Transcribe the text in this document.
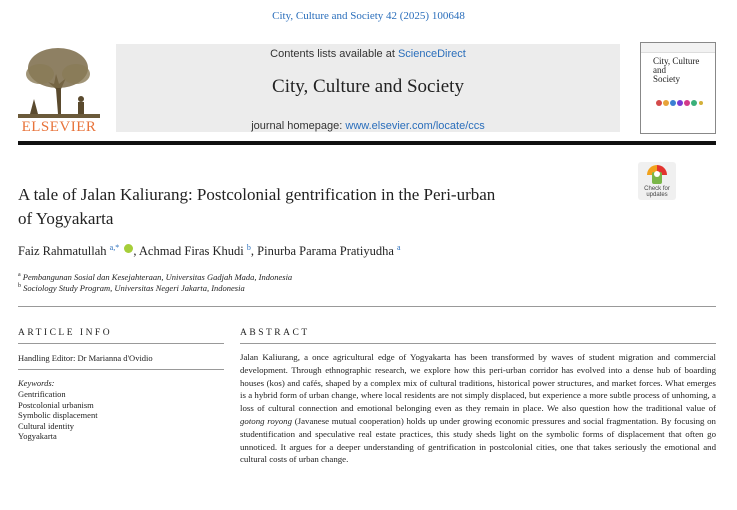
City, Culture and Society 42 (2025) 100648
ELSEVIER
Contents lists available at ScienceDirect
City, Culture and Society
journal homepage: www.elsevier.com/locate/ccs
City, Culture and
Society
A tale of Jalan Kaliurang: Postcolonial gentrification in the Peri-urban
of Yogyakarta
Check for
updates
Faiz Rahmatullah $^{a,*}$ , Achmad Firas Khudi $^b$, Pinurba Parama Pratiyudha $^a$
$^a$ Pembangunan Sosial dan Kesejahteraan, Universitas Gadjah Mada, Indonesia
$^b$ Sociology Study Program, Universitas Negeri Jakarta, Indonesia
ARTICLE INFO	ABSTRACT
Handling Editor: Dr Marianna d'Ovidio
Keywords:
Gentrification
Postcolonial urbanism
Symbolic displacement
Cultural identity
Yogyakarta
Jalan Kaliurang, a once agricultural edge of Yogyakarta has been transformed by waves of student migration and commercial development. Through ethnographic research, we explore how this peri-urban corridor has evolved into a dense hub of boarding houses (kos) and cafés, shaped by a complex mix of cultural traditions, historical power structures, and market forces. What emerges is a hybrid form of urban change, where local residents are not simply displaced, but experience a more subtle process of unhoming, a loss of cultural connection and emotional belonging even as they remain in place. We also question how the traditional value of gotong royong (Javanese mutual cooperation) holds up under growing economic pressures and social fragmentation. By focusing on studentification and speculative real estate practices, this study sheds light on the symbolic forms of displacement that often go unnoticed. It argues for a deeper understanding of gentrification in postcolonial cities, one that takes seriously the emotional and cultural costs of urban change.
